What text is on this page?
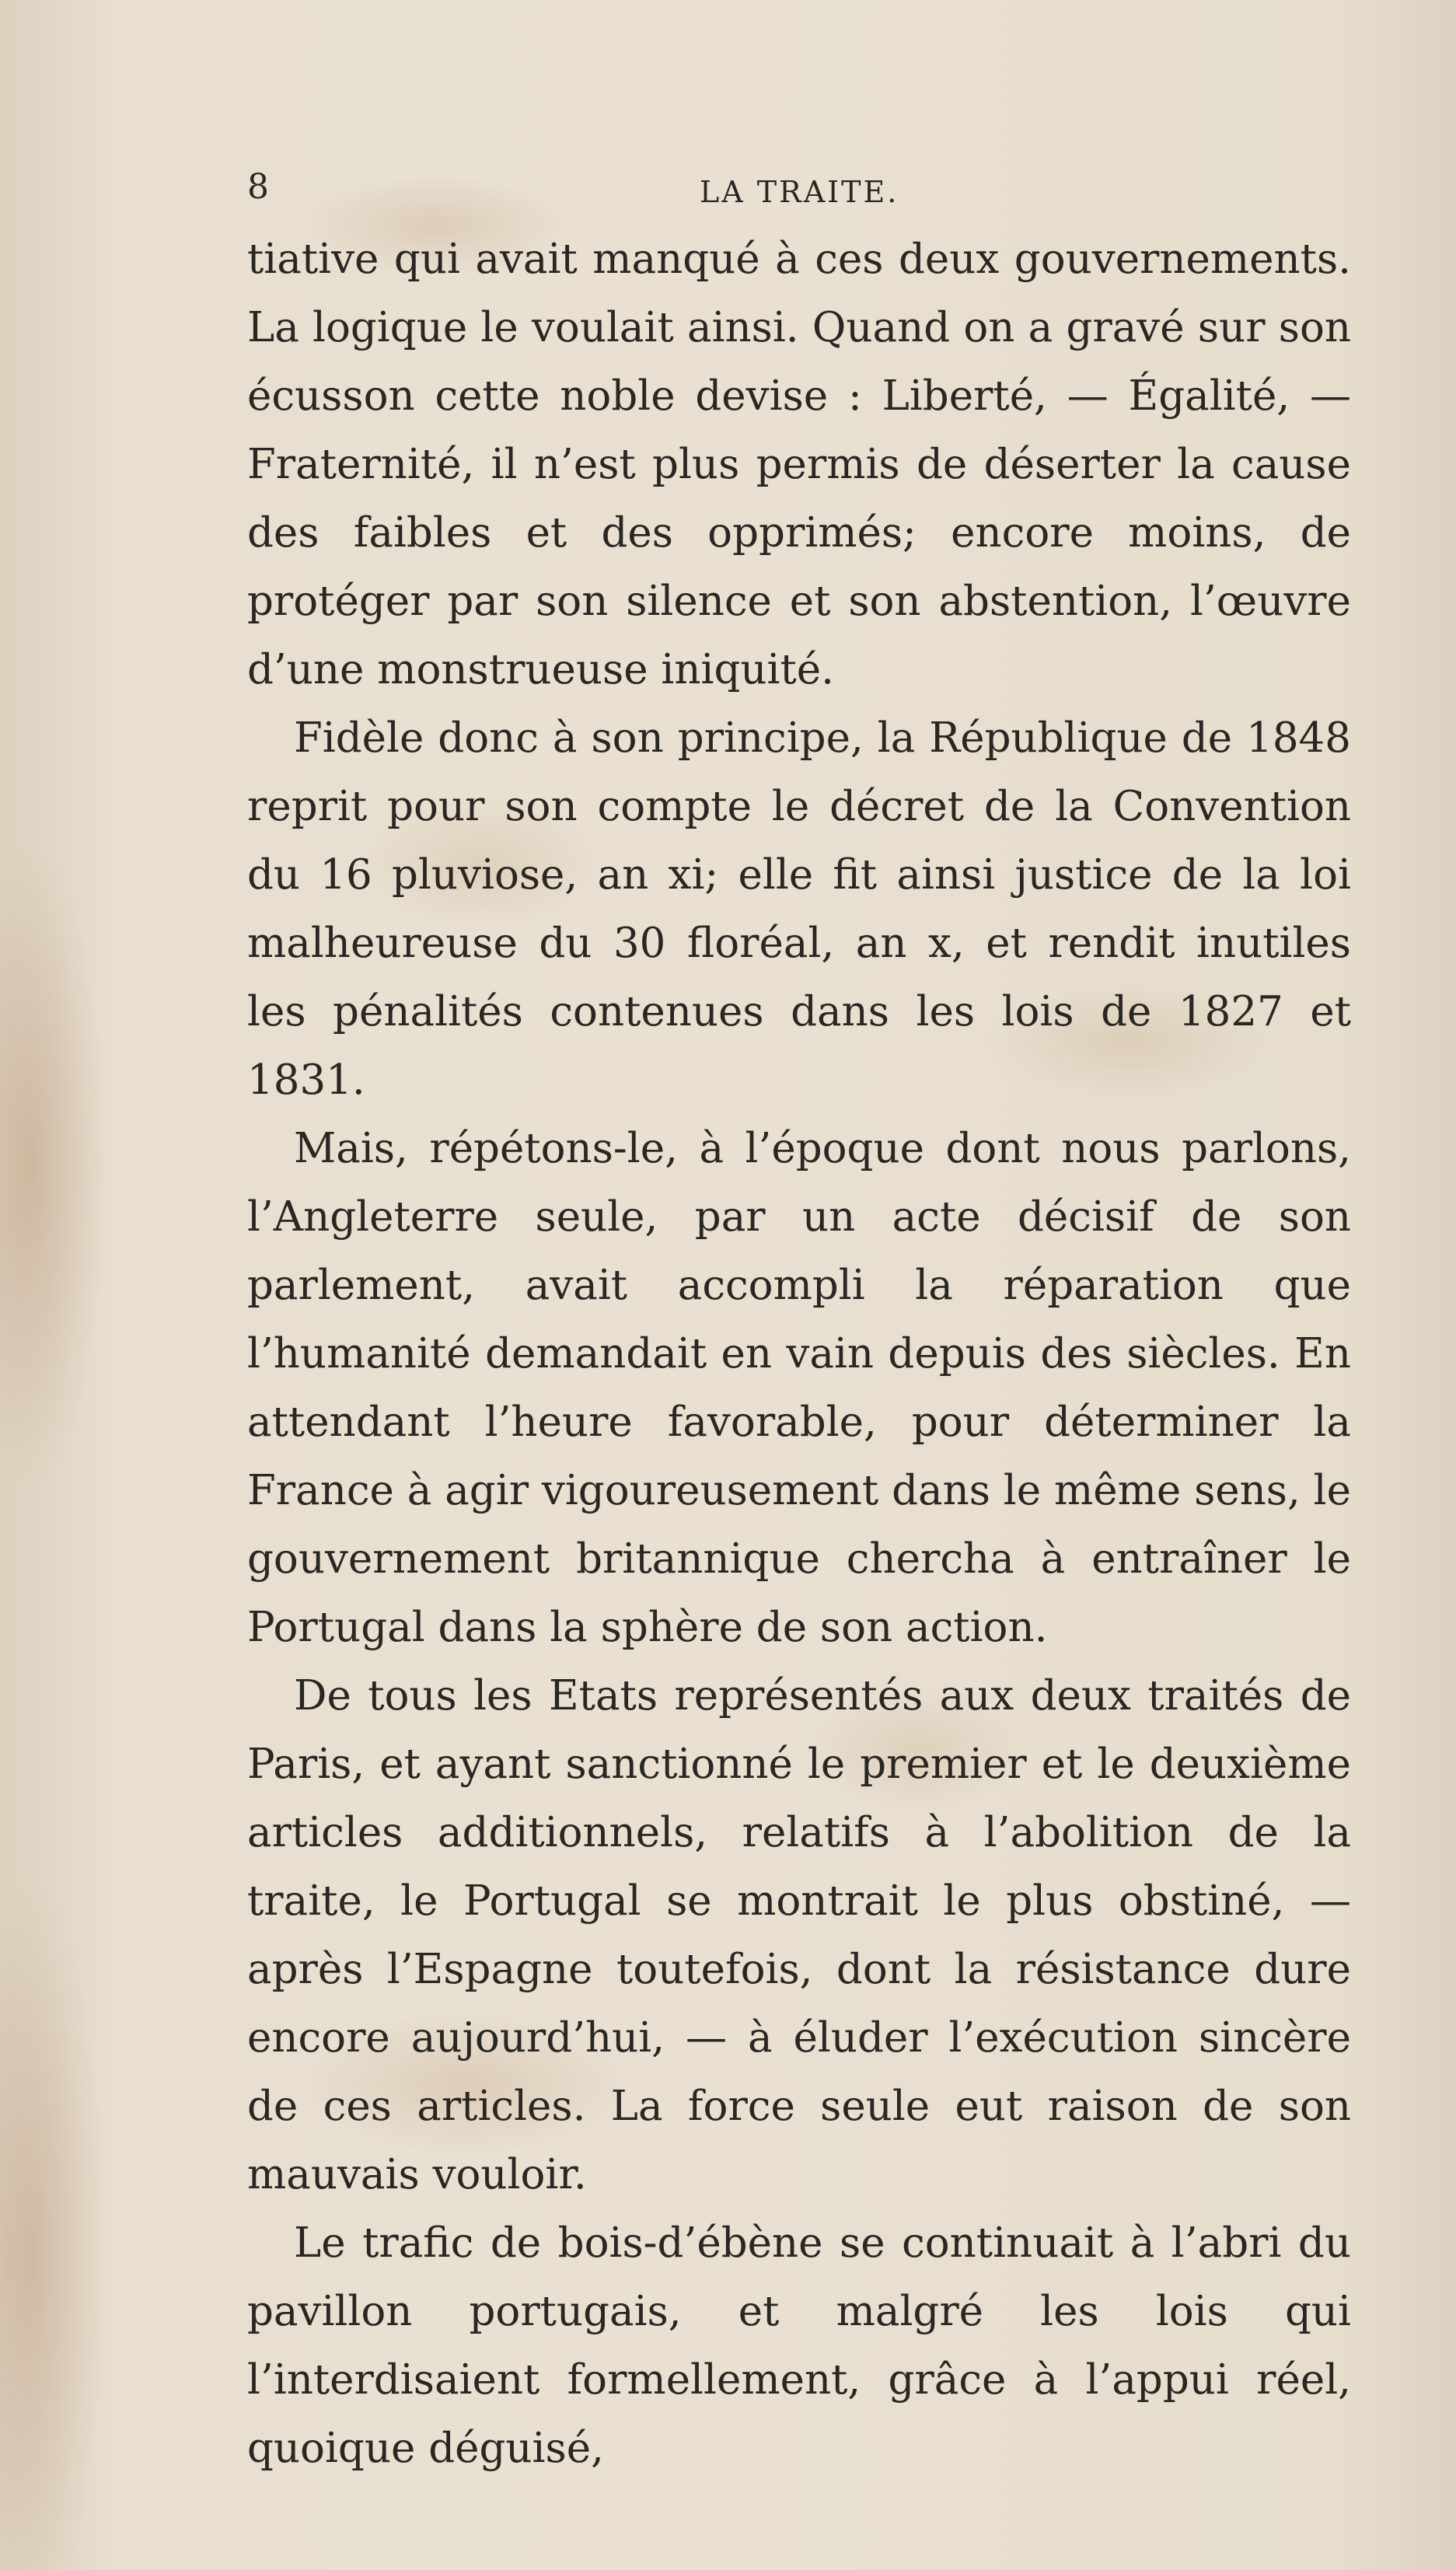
8	LA TRAITE.

tiative qui avait manqué à ces deux gouvernements. La logique le voulait ainsi. Quand on a gravé sur son écusson cette noble devise : Liberté, — Égalité, — Fraternité, il n’est plus permis de déserter la cause des faibles et des opprimés; encore moins, de protéger par son silence et son abstention, l’œuvre d’une monstrueuse iniquité.

Fidèle donc à son principe, la République de 1848 reprit pour son compte le décret de la Convention du 16 pluviose, an xi; elle fit ainsi justice de la loi malheureuse du 30 floréal, an x, et rendit inutiles les pénalités contenues dans les lois de 1827 et 1831.

Mais, répétons-le, à l’époque dont nous parlons, l’Angleterre seule, par un acte décisif de son parlement, avait accompli la réparation que l’humanité demandait en vain depuis des siècles. En attendant l’heure favorable, pour déterminer la France à agir vigoureusement dans le même sens, le gouvernement britannique chercha à entraîner le Portugal dans la sphère de son action.

De tous les Etats représentés aux deux traités de Paris, et ayant sanctionné le premier et le deuxième articles additionnels, relatifs à l’abolition de la traite, le Portugal se montrait le plus obstiné, — après l’Espagne toutefois, dont la résistance dure encore aujourd’hui, — à éluder l’exécution sincère de ces articles. La force seule eut raison de son mauvais vouloir.

Le trafic de bois-d’ébène se continuait à l’abri du pavillon portugais, et malgré les lois qui l’interdisaient formellement, grâce à l’appui réel, quoique déguisé,
